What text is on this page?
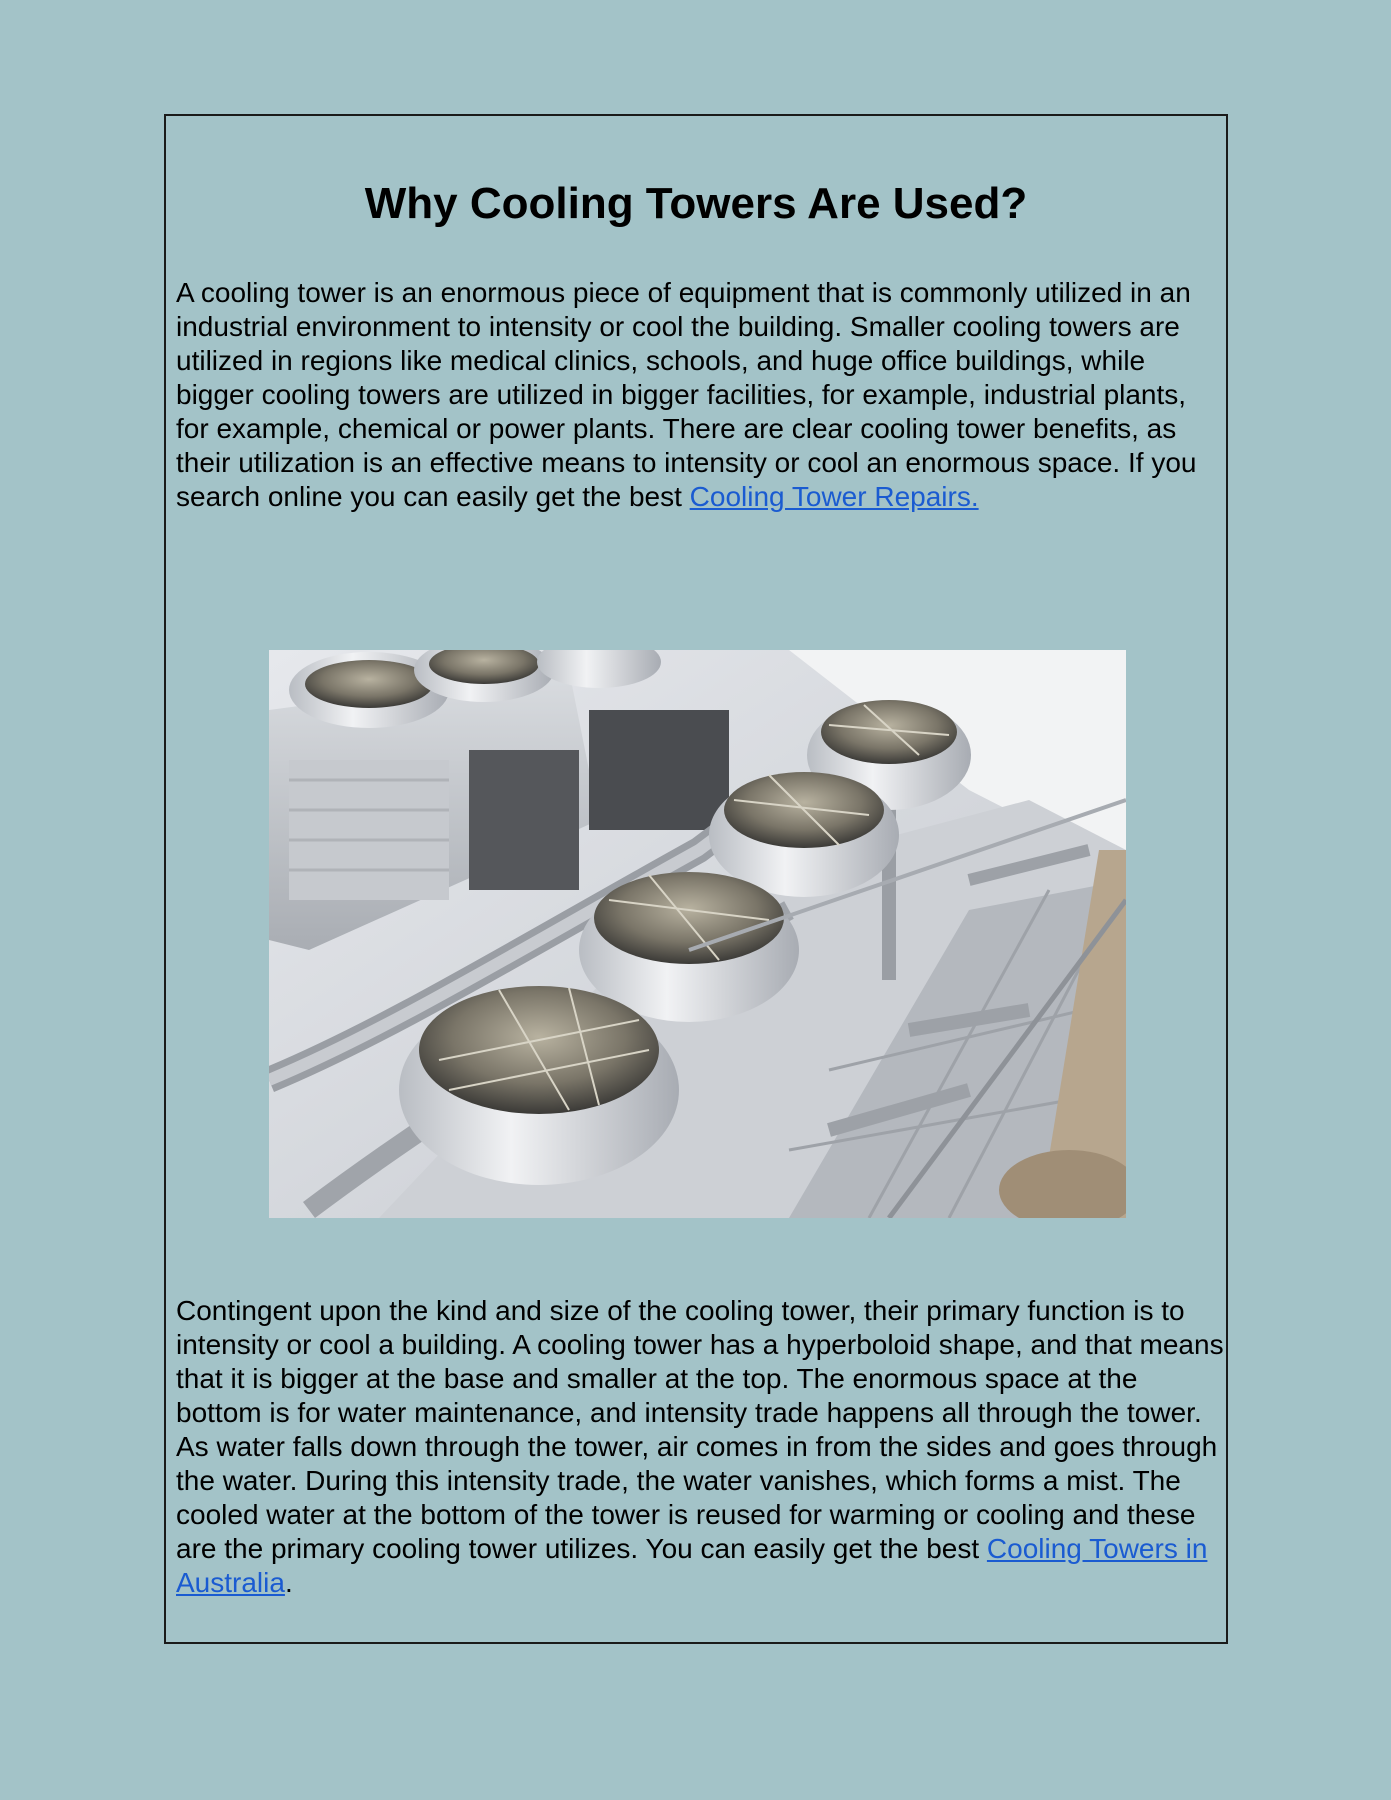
Why Cooling Towers Are Used?

A cooling tower is an enormous piece of equipment that is commonly utilized in an industrial environment to intensity or cool the building. Smaller cooling towers are utilized in regions like medical clinics, schools, and huge office buildings, while bigger cooling towers are utilized in bigger facilities, for example, industrial plants, for example, chemical or power plants. There are clear cooling tower benefits, as their utilization is an effective means to intensity or cool an enormous space. If you search online you can easily get the best Cooling Tower Repairs.

Contingent upon the kind and size of the cooling tower, their primary function is to intensity or cool a building. A cooling tower has a hyperboloid shape, and that means that it is bigger at the base and smaller at the top. The enormous space at the bottom is for water maintenance, and intensity trade happens all through the tower. As water falls down through the tower, air comes in from the sides and goes through the water. During this intensity trade, the water vanishes, which forms a mist. The cooled water at the bottom of the tower is reused for warming or cooling and these are the primary cooling tower utilizes. You can easily get the best Cooling Towers in Australia.
